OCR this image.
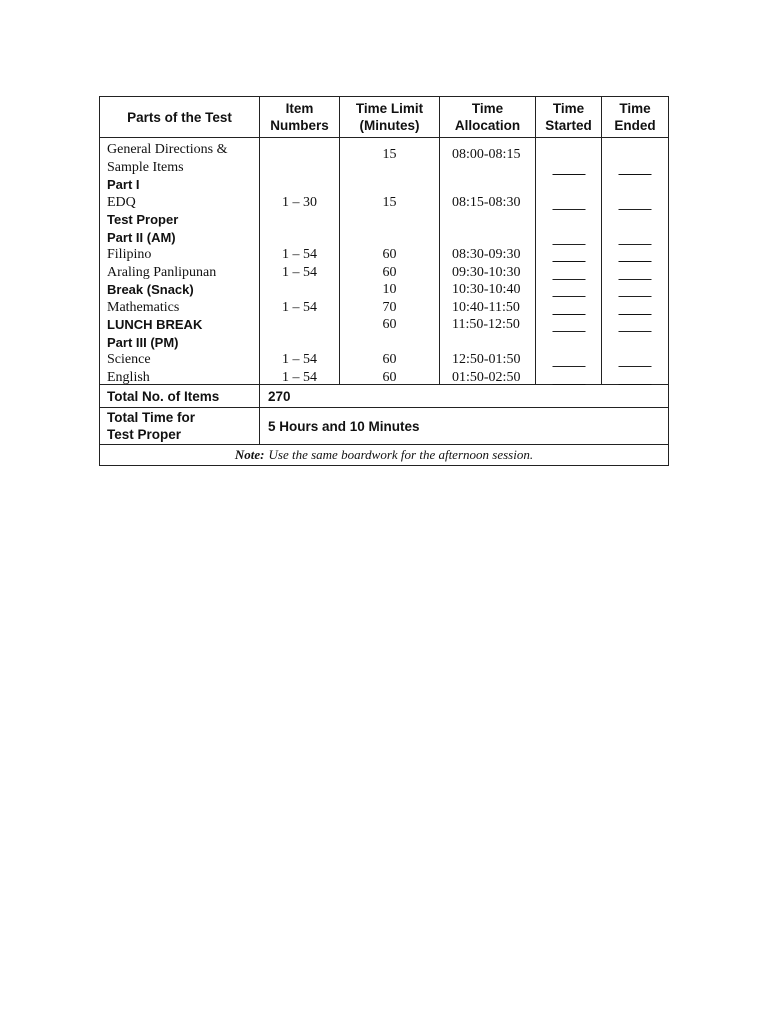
Parts of the Test
Item
Numbers
Time Limit
(Minutes)
Time
Allocation
Time
Started
Time
Ended
General Directions &
Sample Items
Part I
EDQ
Test Proper
Part II (AM)
Filipino
Araling Panlipunan
Break (Snack)
Mathematics
LUNCH BREAK
Part III (PM)
Science
English
1 – 30
1 – 54
1 – 54
1 – 54
1 – 54
1 – 54
15
15
60
60
10
70
60
60
60
08:00-08:15
08:15-08:30
08:30-09:30
09:30-10:30
10:30-10:40
10:40-11:50
11:50-12:50
12:50-01:50
01:50-02:50
Total No. of Items	270
Total Time for
Test Proper
5 Hours and 10 Minutes
Note: Use the same boardwork for the afternoon session.
